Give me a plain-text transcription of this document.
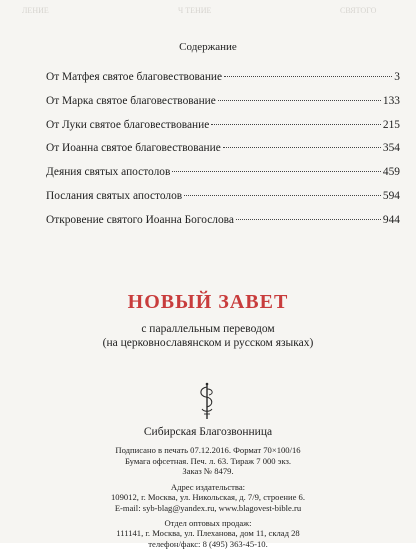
ЛЕНИЕ	Ч ТЕНИЕ	СВЯТОГО
Содержание
От Матфея святое благовествование	3
От Марка святое благовествование	133
От Луки святое благовествование	215
От Иоанна святое благовествование	354
Деяния святых апостолов	459
Послания святых апостолов	594
Откровение святого Иоанна Богослова	944
НОВЫЙ ЗАВЕТ
с параллельным переводом
(на церковнославянском и русском языках)
Сибирская Благозвонница
Подписано в печать 07.12.2016. Формат 70×100/16
Бумага офсетная. Печ. л. 63. Тираж 7 000 экз.
Заказ № 8479.
Адрес издательства:
109012, г. Москва, ул. Никольская, д. 7/9, строение 6.
E-mail: syb-blag@yandex.ru, www.blagovest-bible.ru
Отдел оптовых продаж:
111141, г. Москва, ул. Плеханова, дом 11, склад 28
телефон/факс: 8 (495) 363-45-10.
